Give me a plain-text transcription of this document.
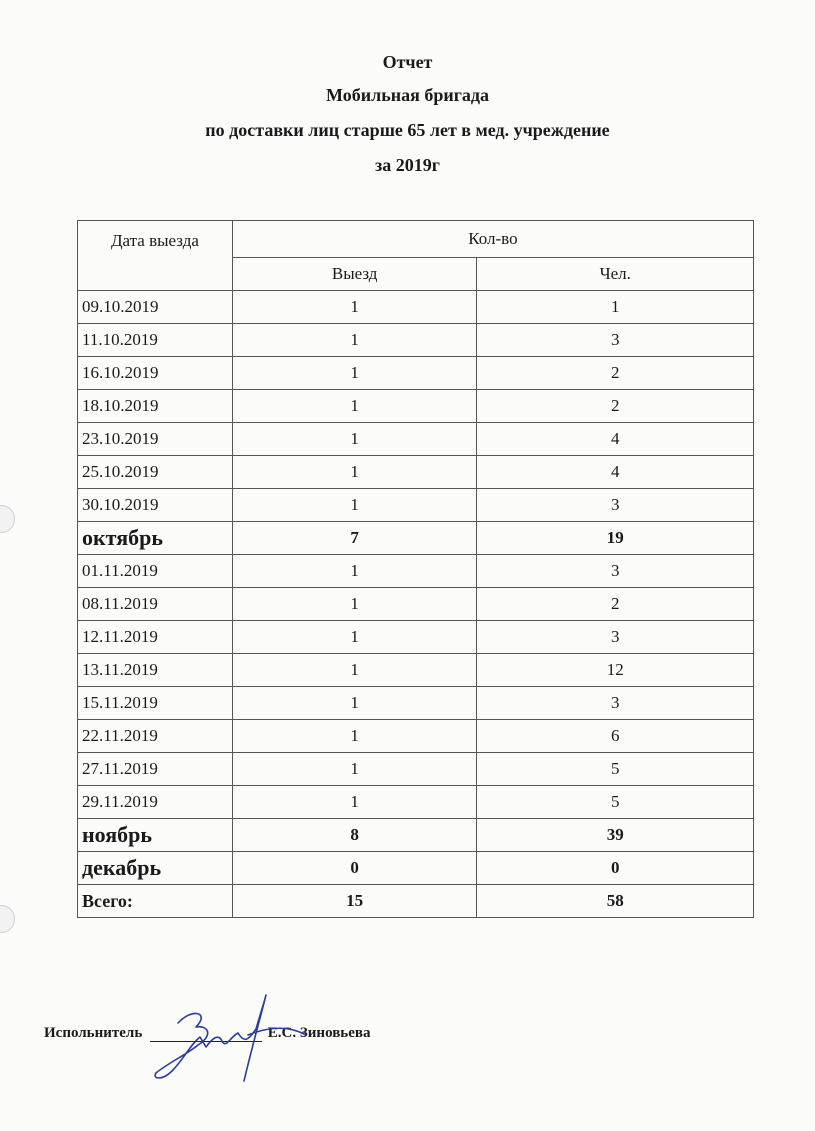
Отчет
Мобильная бригада
по доставки лиц старше 65 лет в мед. учреждение
за 2019г
Дата выезда	Кол-во	
	Выезд	Чел.
09.10.2019	1	1
11.10.2019	1	3
16.10.2019	1	2
18.10.2019	1	2
23.10.2019	1	4
25.10.2019	1	4
30.10.2019	1	3
октябрь	7	19
01.11.2019	1	3
08.11.2019	1	2
12.11.2019	1	3
13.11.2019	1	12
15.11.2019	1	3
22.11.2019	1	6
27.11.2019	1	5
29.11.2019	1	5
ноябрь	8	39
декабрь	0	0
Всего:	15	58
Испольнитель	Е.С. Зиновьева
